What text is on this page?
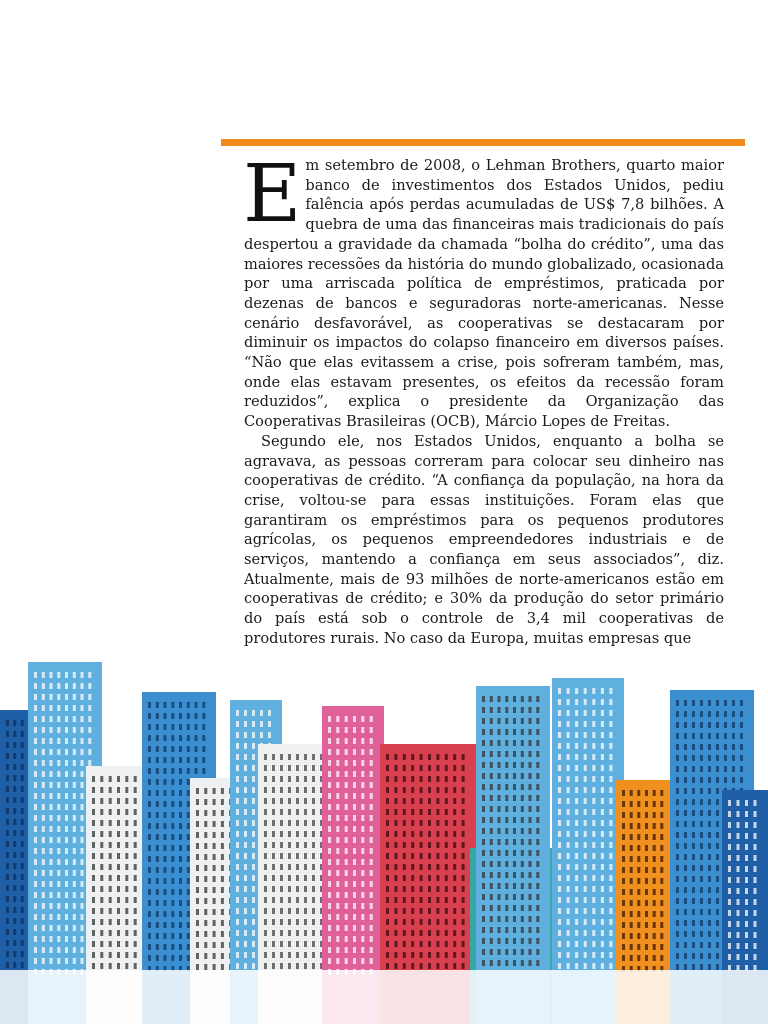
Em setembro de 2008, o Lehman Brothers, quarto maior banco de investimentos dos Estados Unidos, pediu falência após perdas acumuladas de US$ 7,8 bilhões. A quebra de uma das financeiras mais tradicionais do país despertou a gravidade da chamada “bolha do crédito”, uma das maiores recessões da história do mundo globalizado, ocasionada por uma arriscada política de empréstimos, praticada por dezenas de bancos e seguradoras norte-americanas. Nesse cenário desfavorável, as cooperativas se destacaram por diminuir os impactos do colapso financeiro em diversos países. “Não que elas evitassem a crise, pois sofreram também, mas, onde elas estavam presentes, os efeitos da recessão foram reduzidos”, explica o presidente da Organização das Cooperativas Brasileiras (OCB), Márcio Lopes de Freitas.

Segundo ele, nos Estados Unidos, enquanto a bolha se agravava, as pessoas correram para colocar seu dinheiro nas cooperativas de crédito. “A confiança da população, na hora da crise, voltou-se para essas instituições. Foram elas que garantiram os empréstimos para os pequenos produtores agrícolas, os pequenos empreendedores industriais e de serviços, mantendo a confiança em seus associados”, diz. Atualmente, mais de 93 milhões de norte-americanos estão em cooperativas de crédito; e 30% da produção do setor primário do país está sob o controle de 3,4 mil cooperativas de produtores rurais. No caso da Europa, muitas empresas que
